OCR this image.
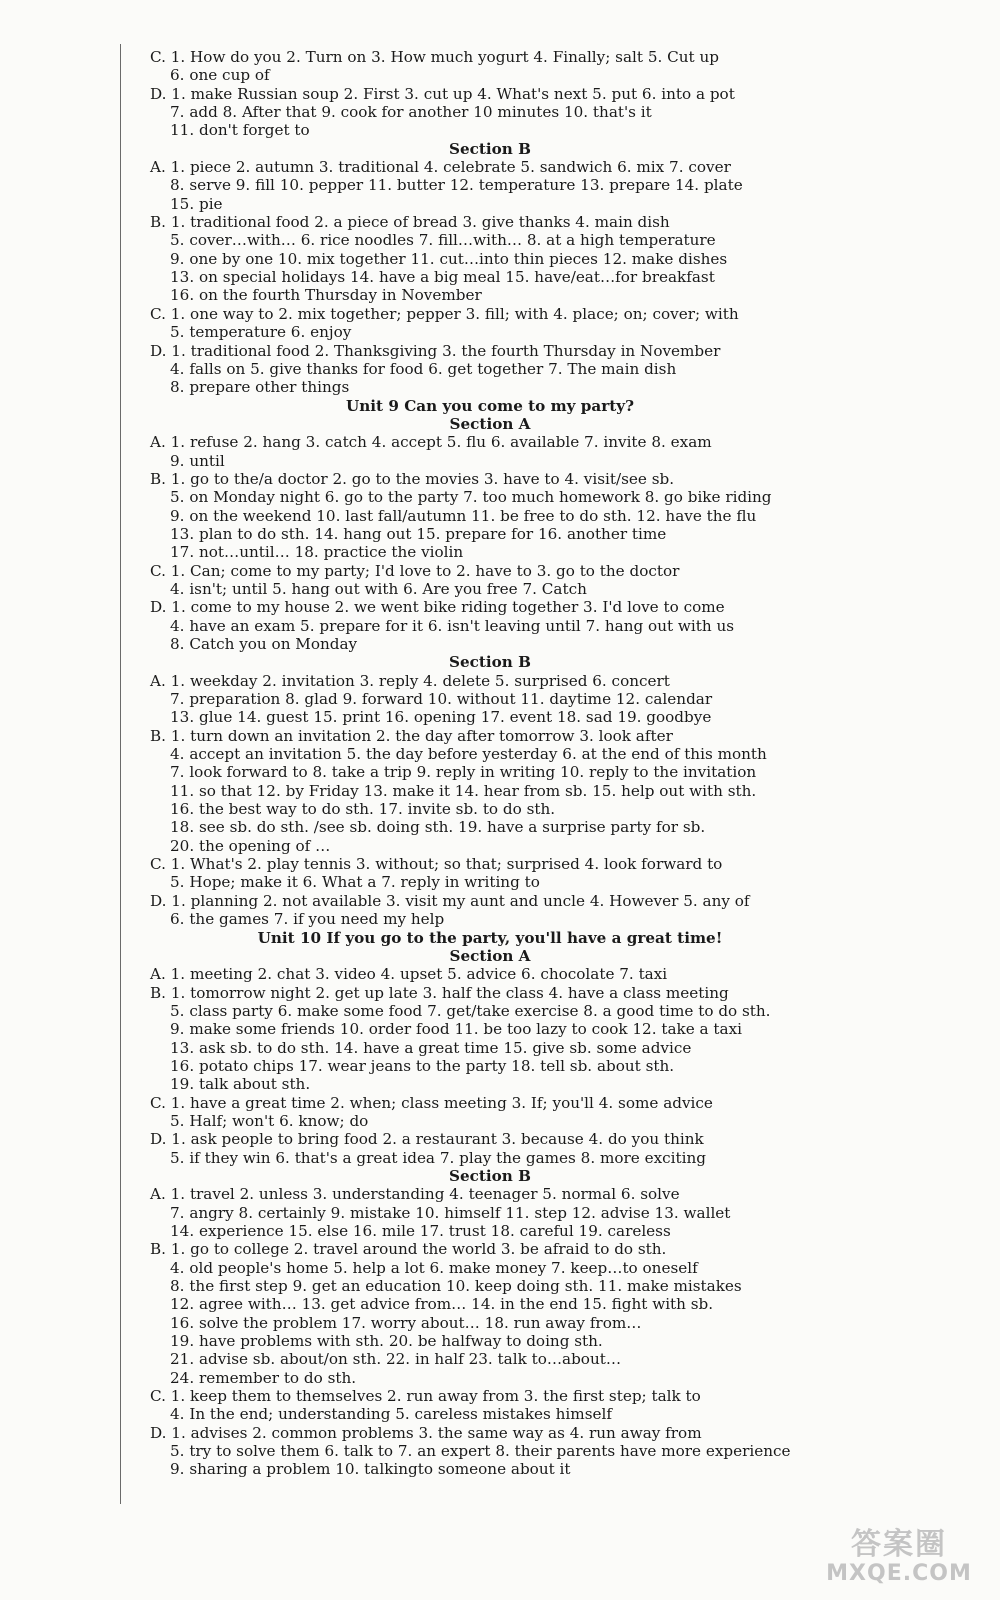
C. 1. How do you 2. Turn on 3. How much yogurt 4. Finally; salt 5. Cut up
6. one cup of
D. 1. make Russian soup 2. First 3. cut up 4. What's next 5. put 6. into a pot
7. add 8. After that 9. cook for another 10 minutes 10. that's it
11. don't forget to
Section B
A. 1. piece 2. autumn 3. traditional 4. celebrate 5. sandwich 6. mix 7. cover
8. serve 9. fill 10. pepper 11. butter 12. temperature 13. prepare 14. plate
15. pie
B. 1. traditional food 2. a piece of bread 3. give thanks 4. main dish
5. cover…with… 6. rice noodles 7. fill…with… 8. at a high temperature
9. one by one 10. mix together 11. cut…into thin pieces 12. make dishes
13. on special holidays 14. have a big meal 15. have/eat…for breakfast
16. on the fourth Thursday in November
C. 1. one way to 2. mix together; pepper 3. fill; with 4. place; on; cover; with
5. temperature 6. enjoy
D. 1. traditional food 2. Thanksgiving 3. the fourth Thursday in November
4. falls on 5. give thanks for food 6. get together 7. The main dish
8. prepare other things
Unit 9 Can you come to my party?
Section A
A. 1. refuse 2. hang 3. catch 4. accept 5. flu 6. available 7. invite 8. exam
9. until
B. 1. go to the/a doctor 2. go to the movies 3. have to 4. visit/see sb.
5. on Monday night 6. go to the party 7. too much homework 8. go bike riding
9. on the weekend 10. last fall/autumn 11. be free to do sth. 12. have the flu
13. plan to do sth. 14. hang out 15. prepare for 16. another time
17. not…until… 18. practice the violin
C. 1. Can; come to my party; I'd love to 2. have to 3. go to the doctor
4. isn't; until 5. hang out with 6. Are you free 7. Catch
D. 1. come to my house 2. we went bike riding together 3. I'd love to come
4. have an exam 5. prepare for it 6. isn't leaving until 7. hang out with us
8. Catch you on Monday
Section B
A. 1. weekday 2. invitation 3. reply 4. delete 5. surprised 6. concert
7. preparation 8. glad 9. forward 10. without 11. daytime 12. calendar
13. glue 14. guest 15. print 16. opening 17. event 18. sad 19. goodbye
B. 1. turn down an invitation 2. the day after tomorrow 3. look after
4. accept an invitation 5. the day before yesterday 6. at the end of this month
7. look forward to 8. take a trip 9. reply in writing 10. reply to the invitation
11. so that 12. by Friday 13. make it 14. hear from sb. 15. help out with sth.
16. the best way to do sth. 17. invite sb. to do sth.
18. see sb. do sth. /see sb. doing sth. 19. have a surprise party for sb.
20. the opening of …
C. 1. What's 2. play tennis 3. without; so that; surprised 4. look forward to
5. Hope; make it 6. What a 7. reply in writing to
D. 1. planning 2. not available 3. visit my aunt and uncle 4. However 5. any of
6. the games 7. if you need my help
Unit 10 If you go to the party, you'll have a great time!
Section A
A. 1. meeting 2. chat 3. video 4. upset 5. advice 6. chocolate 7. taxi
B. 1. tomorrow night 2. get up late 3. half the class 4. have a class meeting
5. class party 6. make some food 7. get/take exercise 8. a good time to do sth.
9. make some friends 10. order food 11. be too lazy to cook 12. take a taxi
13. ask sb. to do sth. 14. have a great time 15. give sb. some advice
16. potato chips 17. wear jeans to the party 18. tell sb. about sth.
19. talk about sth.
C. 1. have a great time 2. when; class meeting 3. If; you'll 4. some advice
5. Half; won't 6. know; do
D. 1. ask people to bring food 2. a restaurant 3. because 4. do you think
5. if they win 6. that's a great idea 7. play the games 8. more exciting
Section B
A. 1. travel 2. unless 3. understanding 4. teenager 5. normal 6. solve
7. angry 8. certainly 9. mistake 10. himself 11. step 12. advise 13. wallet
14. experience 15. else 16. mile 17. trust 18. careful 19. careless
B. 1. go to college 2. travel around the world 3. be afraid to do sth.
4. old people's home 5. help a lot 6. make money 7. keep…to oneself
8. the first step 9. get an education 10. keep doing sth. 11. make mistakes
12. agree with… 13. get advice from… 14. in the end 15. fight with sb.
16. solve the problem 17. worry about… 18. run away from…
19. have problems with sth. 20. be halfway to doing sth.
21. advise sb. about/on sth. 22. in half 23. talk to…about…
24. remember to do sth.
C. 1. keep them to themselves 2. run away from 3. the first step; talk to
4. In the end; understanding 5. careless mistakes himself
D. 1. advises 2. common problems 3. the same way as 4. run away from
5. try to solve them 6. talk to 7. an expert 8. their parents have more experience
9. sharing a problem 10. talkingto someone about it
答案圈
MXQE.COM
